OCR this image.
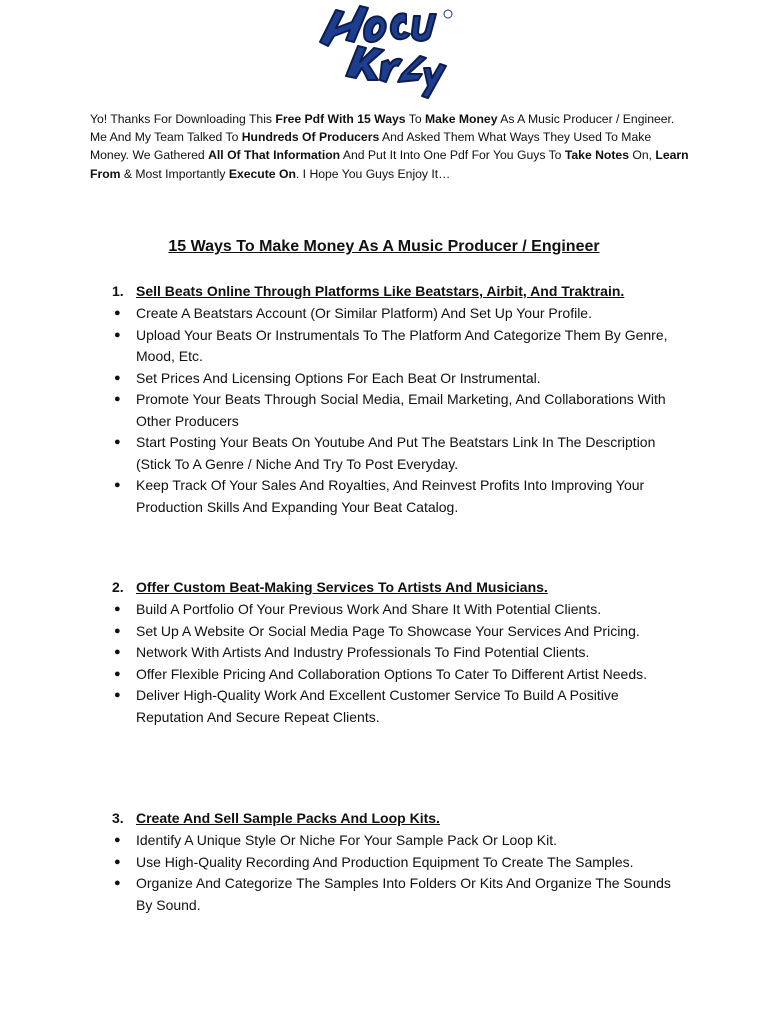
Yo! Thanks For Downloading This Free Pdf With 15 Ways To Make Money As A Music Producer / Engineer. Me And My Team Talked To Hundreds Of Producers And Asked Them What Ways They Used To Make Money. We Gathered All Of That Information And Put It Into One Pdf For You Guys To Take Notes On, Learn From & Most Importantly Execute On. I Hope You Guys Enjoy It…

15 Ways To Make Money As A Music Producer / Engineer
1. Sell Beats Online Through Platforms Like Beatstars, Airbit, And Traktrain.
● Create A Beatstars Account (Or Similar Platform) And Set Up Your Profile.
● Upload Your Beats Or Instrumentals To The Platform And Categorize Them By Genre, Mood, Etc.
● Set Prices And Licensing Options For Each Beat Or Instrumental.
● Promote Your Beats Through Social Media, Email Marketing, And Collaborations With Other Producers
● Start Posting Your Beats On Youtube And Put The Beatstars Link In The Description (Stick To A Genre / Niche And Try To Post Everyday.
● Keep Track Of Your Sales And Royalties, And Reinvest Profits Into Improving Your Production Skills And Expanding Your Beat Catalog.
2. Offer Custom Beat-Making Services To Artists And Musicians.
● Build A Portfolio Of Your Previous Work And Share It With Potential Clients.
● Set Up A Website Or Social Media Page To Showcase Your Services And Pricing.
● Network With Artists And Industry Professionals To Find Potential Clients.
● Offer Flexible Pricing And Collaboration Options To Cater To Different Artist Needs.
● Deliver High-Quality Work And Excellent Customer Service To Build A Positive Reputation And Secure Repeat Clients.
3. Create And Sell Sample Packs And Loop Kits.
● Identify A Unique Style Or Niche For Your Sample Pack Or Loop Kit.
● Use High-Quality Recording And Production Equipment To Create The Samples.
● Organize And Categorize The Samples Into Folders Or Kits And Organize The Sounds By Sound.
